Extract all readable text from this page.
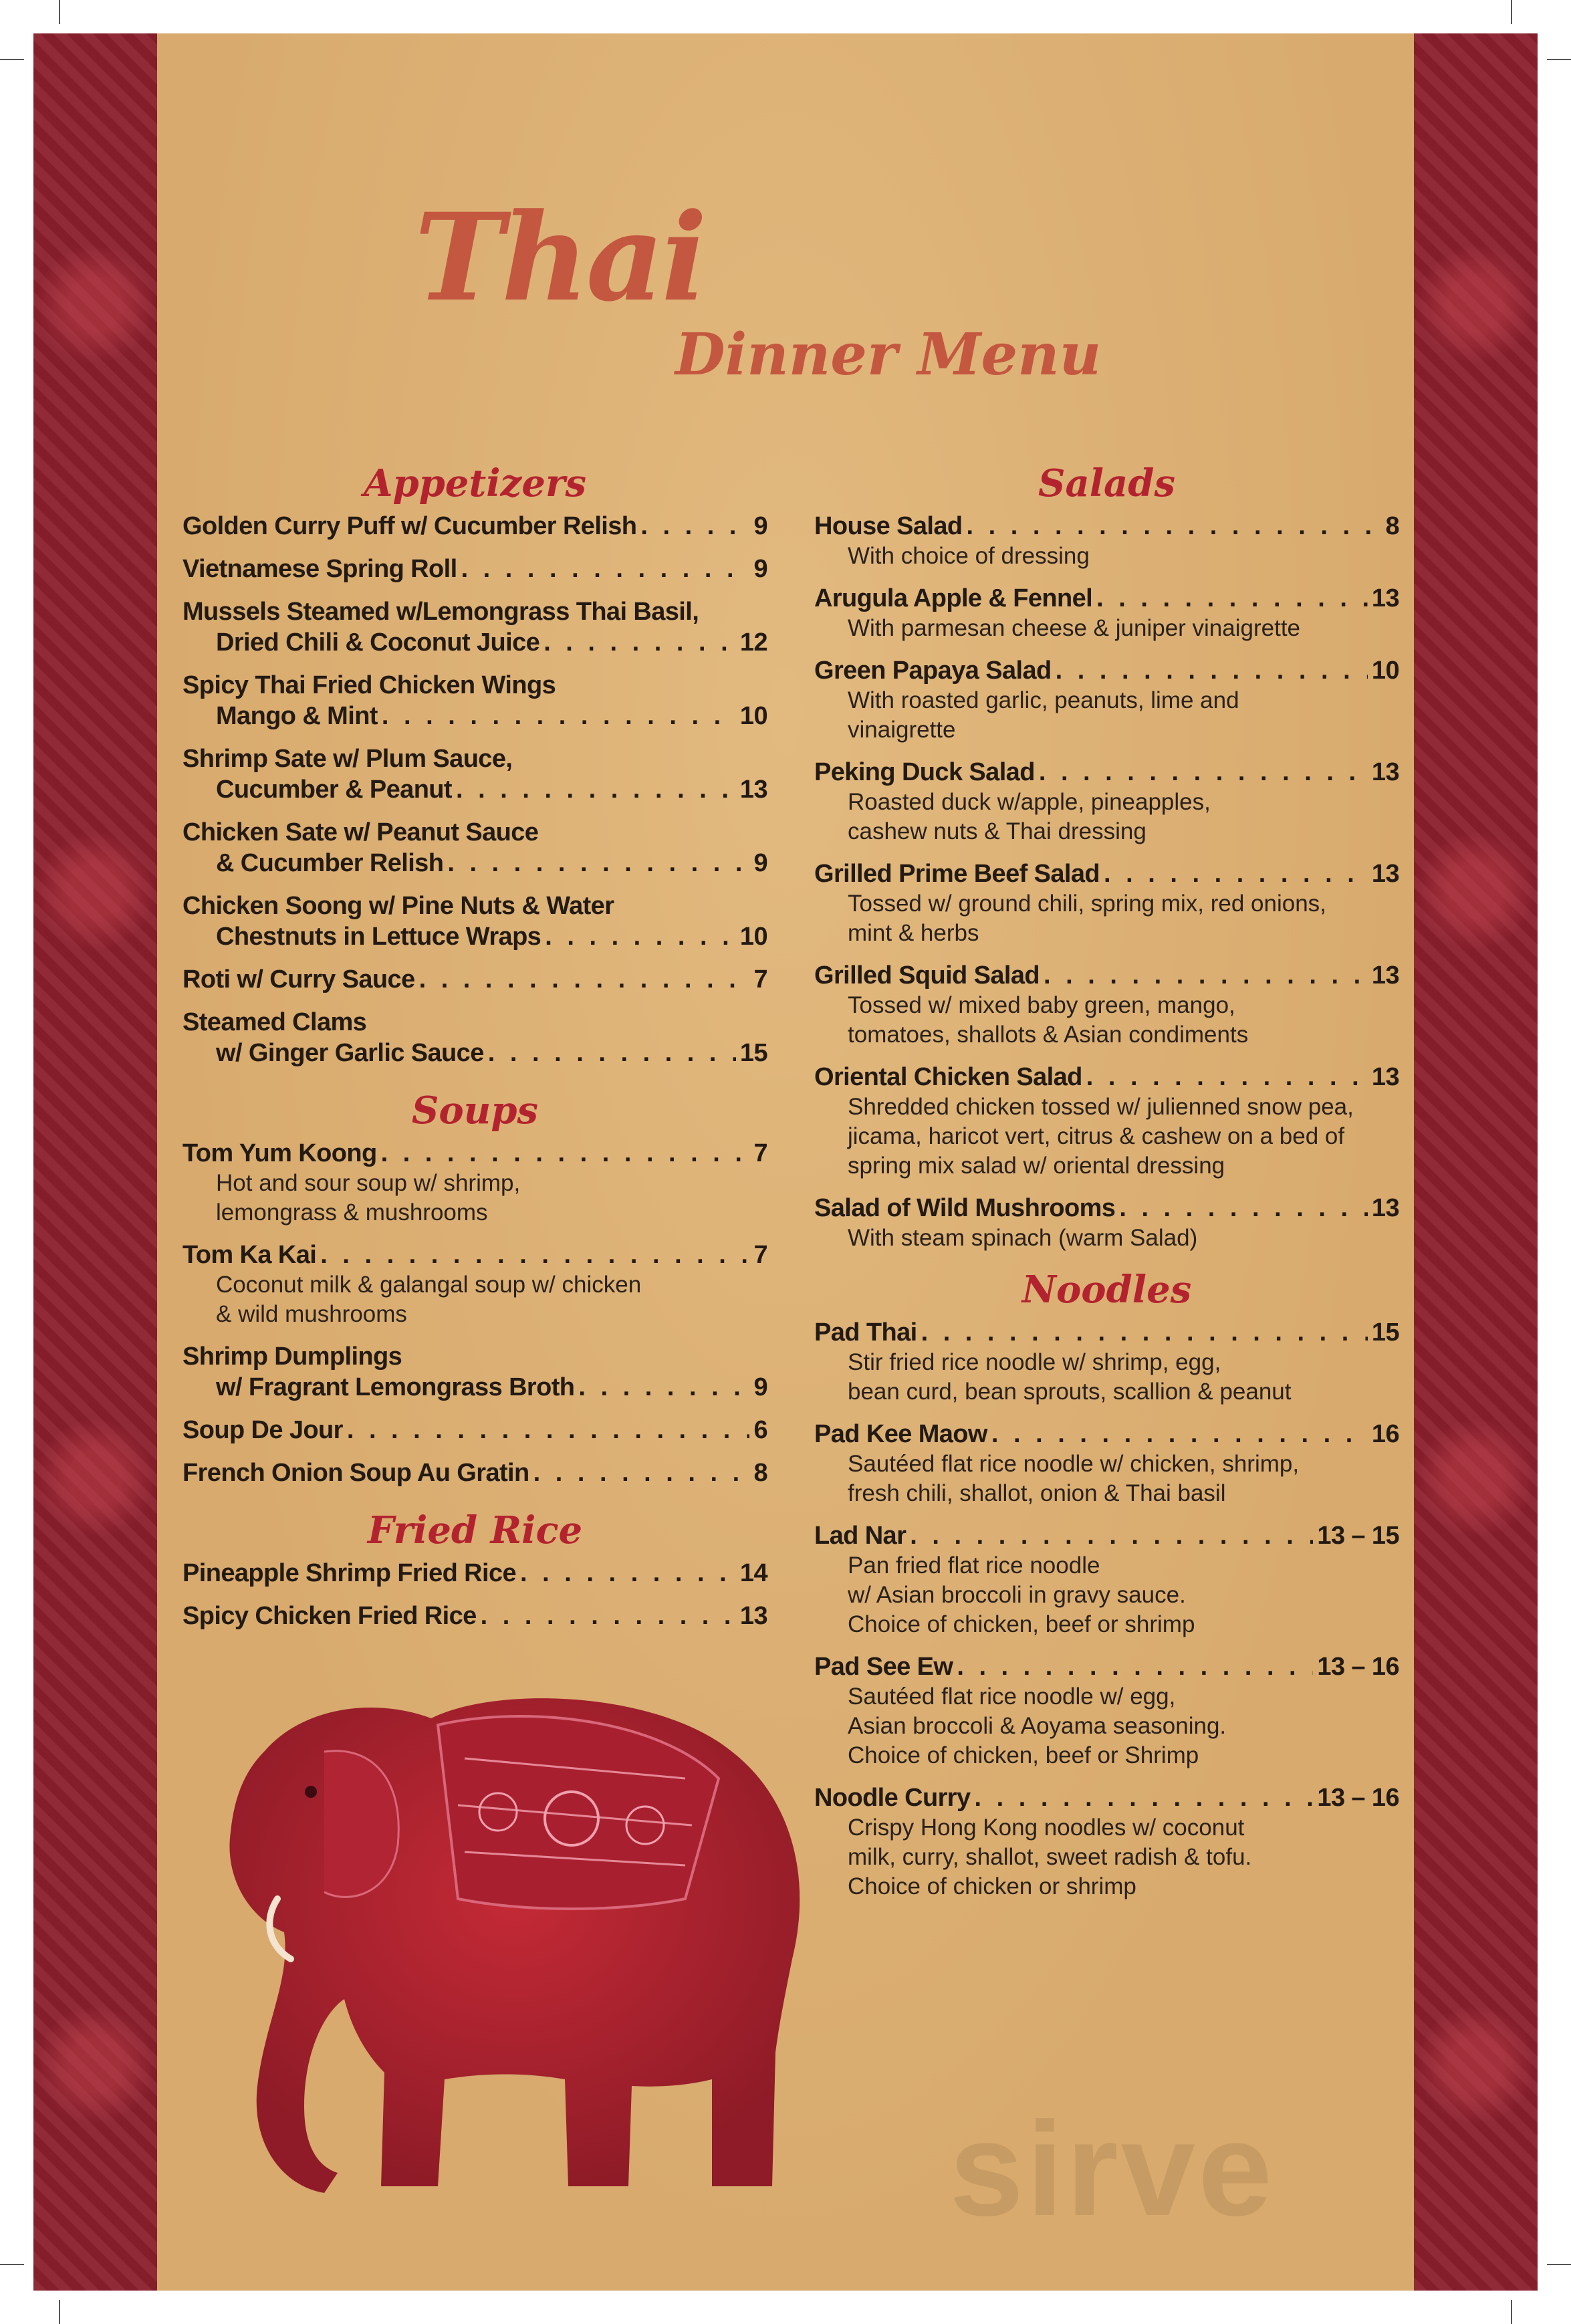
Thai
Dinner Menu
Appetizers
Golden Curry Puff w/ Cucumber Relish . . .	9
Vietnamese Spring Roll . . .	9
Mussels Steamed w/Lemongrass Thai Basil,
Dried Chili & Coconut Juice . . .	12
Spicy Thai Fried Chicken Wings
Mango & Mint . . .	10
Shrimp Sate w/ Plum Sauce,
Cucumber & Peanut . . .	13
Chicken Sate w/ Peanut Sauce
& Cucumber Relish . . .	9
Chicken Soong w/ Pine Nuts & Water
Chestnuts in Lettuce Wraps . . .	10
Roti w/ Curry Sauce . . .	7
Steamed Clams
w/ Ginger Garlic Sauce . . .	15
Soups
Tom Yum Koong . . .	7
Hot and sour soup w/ shrimp,
lemongrass & mushrooms
Tom Ka Kai . . .	7
Coconut milk & galangal soup w/ chicken
& wild mushrooms
Shrimp Dumplings
w/ Fragrant Lemongrass Broth . . .	9
Soup De Jour . . .	6
French Onion Soup Au Gratin . . .	8
Fried Rice
Pineapple Shrimp Fried Rice . . .	14
Spicy Chicken Fried Rice . . .	13
Salads
House Salad . . .	8
With choice of dressing
Arugula Apple & Fennel . . .	13
With parmesan cheese & juniper vinaigrette
Green Papaya Salad . . .	10
With roasted garlic, peanuts, lime and
vinaigrette
Peking Duck Salad . . .	13
Roasted duck w/apple, pineapples,
cashew nuts & Thai dressing
Grilled Prime Beef Salad . . .	13
Tossed w/ ground chili, spring mix, red onions,
mint & herbs
Grilled Squid Salad . . .	13
Tossed w/ mixed baby green, mango,
tomatoes, shallots & Asian condiments
Oriental Chicken Salad . . .	13
Shredded chicken tossed w/ julienned snow pea,
jicama, haricot vert, citrus & cashew on a bed of
spring mix salad w/ oriental dressing
Salad of Wild Mushrooms . . .	13
With steam spinach (warm Salad)
Noodles
Pad Thai . . .	15
Stir fried rice noodle w/ shrimp, egg,
bean curd, bean sprouts, scallion & peanut
Pad Kee Maow . . .	16
Sautéed flat rice noodle w/ chicken, shrimp,
fresh chili, shallot, onion & Thai basil
Lad Nar . . .	13 – 15
Pan fried flat rice noodle
w/ Asian broccoli in gravy sauce.
Choice of chicken, beef or shrimp
Pad See Ew . . .	13 – 16
Sautéed flat rice noodle w/ egg,
Asian broccoli & Aoyama seasoning.
Choice of chicken, beef or Shrimp
Noodle Curry . . .	13 – 16
Crispy Hong Kong noodles w/ coconut
milk, curry, shallot, sweet radish & tofu.
Choice of chicken or shrimp
sirve
